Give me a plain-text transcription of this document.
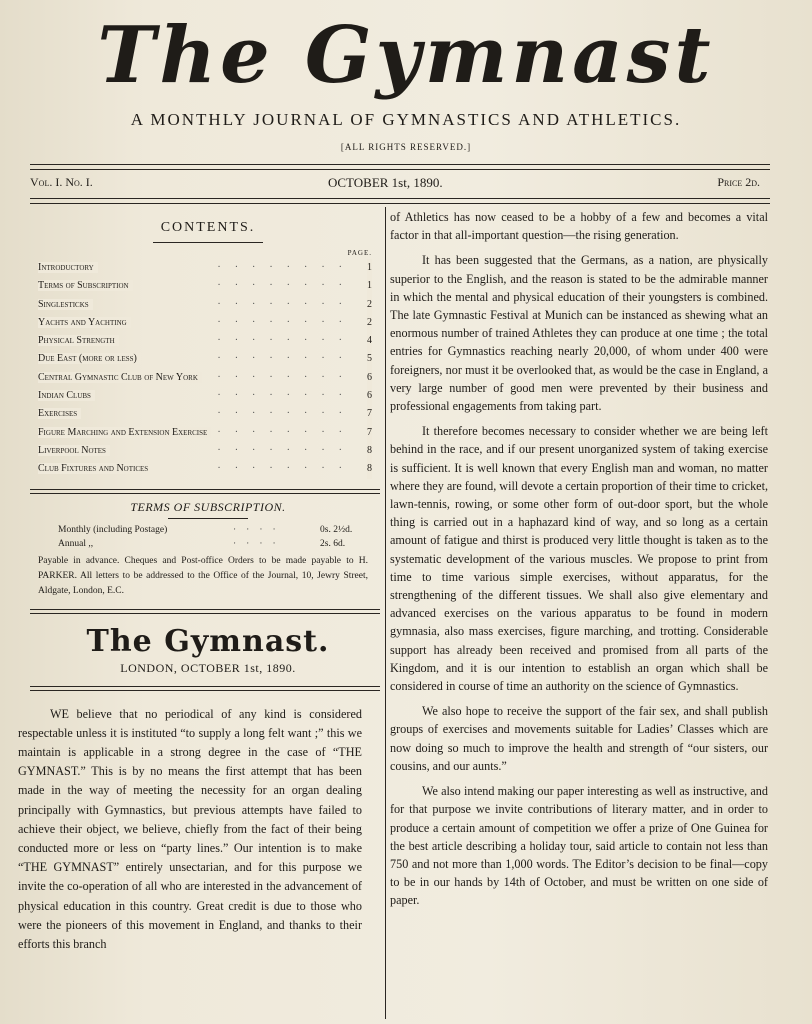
The Gymnast
A MONTHLY JOURNAL OF GYMNASTICS AND ATHLETICS.
[ALL RIGHTS RESERVED.]
Vol. I. No. I.	OCTOBER 1st, 1890.	Price 2d.
CONTENTS.
PAGE.
········
Introductory	1
········
Terms of Subscription	1
········
Singlesticks	2
········
Yachts and Yachting	2
········
Physical Strength	4
········
Due East (more or less)	5
········
Central Gymnastic Club of New York	6
········
Indian Clubs	6
········
Exercises	7
········
Figure Marching and Extension Exercise	7
········
Liverpool Notes	8
········
Club Fixtures and Notices	8
TERMS OF SUBSCRIPTION.
Monthly (including Postage)	····	0s. 2½d.
Annual ,,	····	2s. 6d.
Payable in advance. Cheques and Post-office Orders to be made payable to H. PARKER. All letters to be addressed to the Office of the Journal, 10, Jewry Street, Aldgate, London, E.C.
The Gymnast.
LONDON, OCTOBER 1st, 1890.

WE believe that no periodical of any kind is considered respectable unless it is instituted “to supply a long felt want ;” this we maintain is applicable in a strong degree in the case of “THE GYMNAST.” This is by no means the first attempt that has been made in the way of meeting the necessity for an organ dealing principally with Gymnastics, but previous attempts have failed to achieve their object, we believe, chiefly from the fact of their being conducted more or less on “party lines.” Our intention is to make “THE GYMNAST” entirely unsectarian, and for this purpose we invite the co-operation of all who are interested in the advancement of physical education in this country. Great credit is due to those who were the pioneers of this movement in England, and thanks to their efforts this branch

of Athletics has now ceased to be a hobby of a few and becomes a vital factor in that all-important question—the rising generation.

It has been suggested that the Germans, as a nation, are physically superior to the English, and the reason is stated to be the admirable manner in which the mental and physical education of their youngsters is combined. The late Gymnastic Festival at Munich can be instanced as shewing what an enormous number of trained Athletes they can produce at one time ; the total entries for Gymnastics reaching nearly 20,000, of whom under 400 were foreigners, nor must it be overlooked that, as would be the case in England, a very large number of good men were prevented by their business and professional engagements from taking part.

It therefore becomes necessary to consider whether we are being left behind in the race, and if our present unorganized system of taking exercise is sufficient. It is well known that every English man and woman, no matter where they are found, will devote a certain proportion of their time to cricket, lawn-tennis, rowing, or some other form of out-door sport, but the whole thing is carried out in a haphazard kind of way, and so long as a certain amount of fatigue and thirst is produced very little thought is taken as to the systematic development of the various muscles. We propose to print from time to time various simple exercises, without apparatus, for the strengthening of the different tissues. We shall also give elementary and advanced exercises on the various apparatus to be found in modern gymnasia, also mass exercises, figure marching, and trotting. Considerable support has already been received and promised from all parts of the Kingdom, and it is our intention to establish an organ which shall be considered in course of time an authority on the science of Gymnastics.

We also hope to receive the support of the fair sex, and shall publish groups of exercises and movements suitable for Ladies’ Classes which are now doing so much to improve the health and strength of “our sisters, our cousins, and our aunts.”

We also intend making our paper interesting as well as instructive, and for that purpose we invite contributions of literary matter, and in order to produce a certain amount of competition we offer a prize of One Guinea for the best article describing a holiday tour, said article to contain not less than 750 and not more than 1,000 words. The Editor’s decision to be final—copy to be in our hands by 14th of October, and must be written on one side of paper.
